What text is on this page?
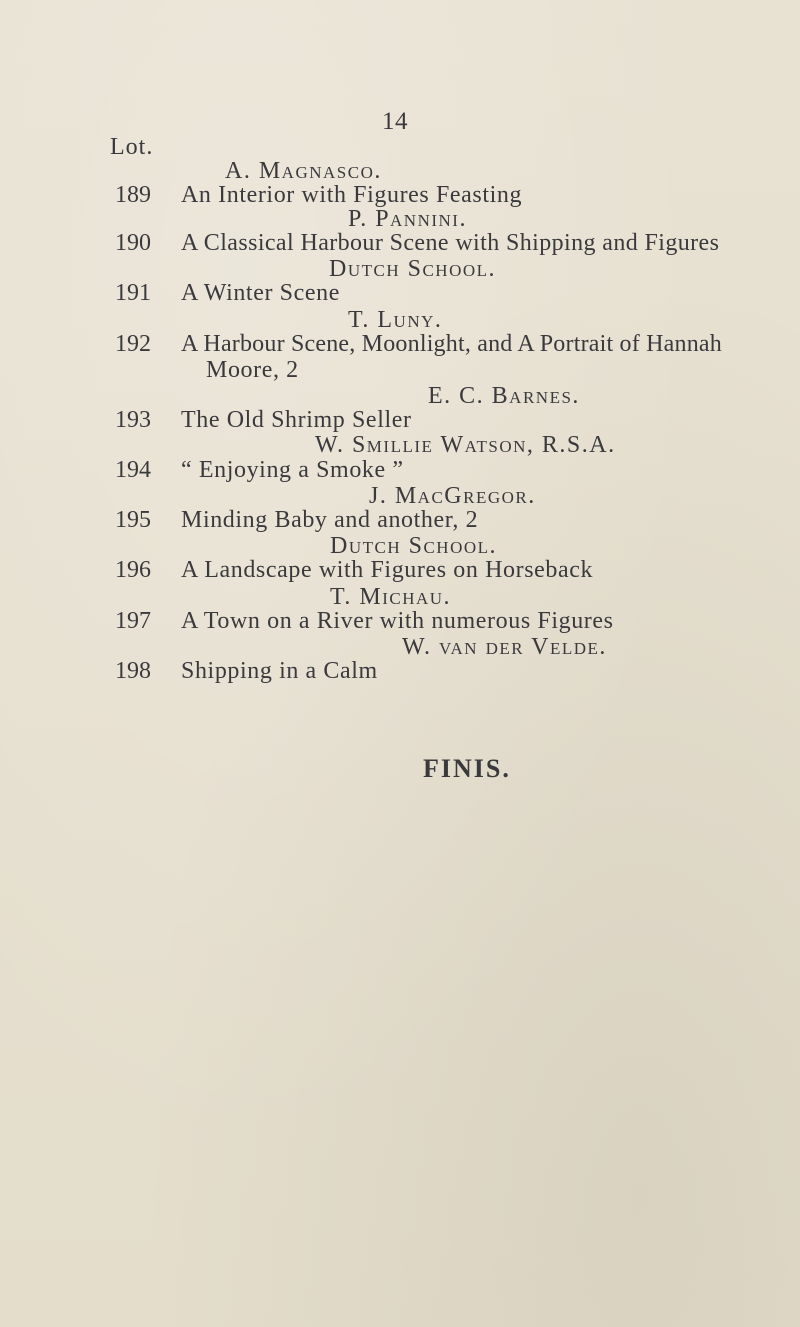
14
Lot.
A. Magnasco.
189 An Interior with Figures Feasting
P. Pannini.
190 A Classical Harbour Scene with Shipping and Figures
Dutch School.
191 A Winter Scene
T. Luny.
192 A Harbour Scene, Moonlight, and A Portrait of Hannah
Moore, 2
E. C. Barnes.
193 The Old Shrimp Seller
W. Smillie Watson, R.S.A.
194 “ Enjoying a Smoke ”
J. MacGregor.
195 Minding Baby and another, 2
Dutch School.
196 A Landscape with Figures on Horseback
T. Michau.
197 A Town on a River with numerous Figures
W. van der Velde.
198 Shipping in a Calm
FINIS.
